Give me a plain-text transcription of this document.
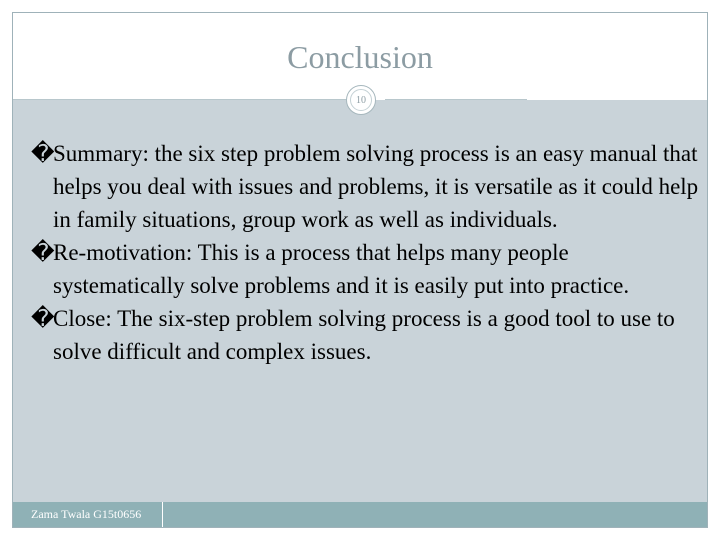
Conclusion
10
�
Summary: the six step problem solving process is an easy manual that helps you deal with issues and problems, it is versatile as it could help in family situations, group work as well as individuals.
�
Re-motivation: This is a process that helps many people systematically solve problems and it is easily put into practice.
�
Close: The six-step problem solving process is a good tool to use to solve difficult and complex issues.
Zama Twala G15t0656
